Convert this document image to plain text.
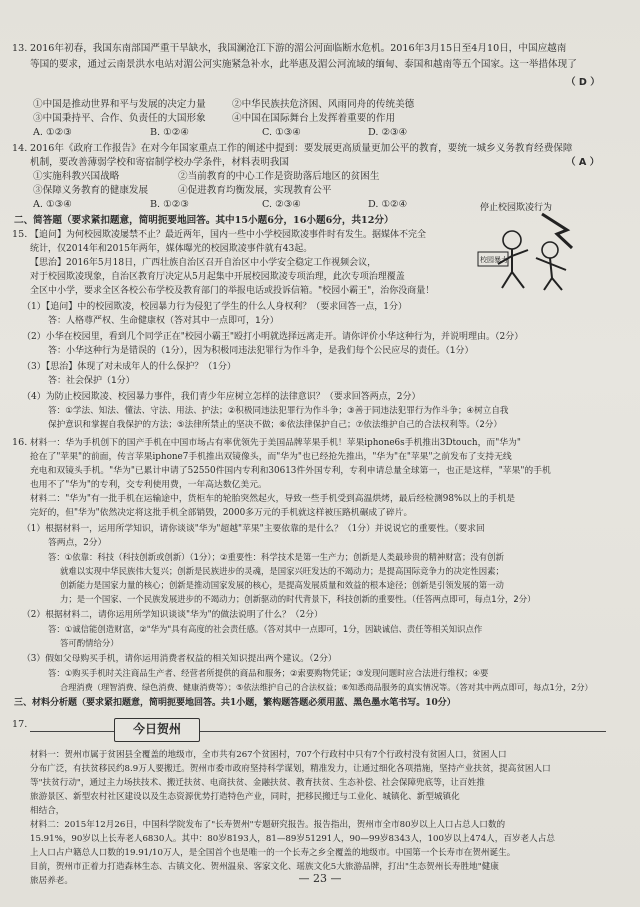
13. 2016年初春，我国东南部国严重干旱缺水，我国澜沧江下游的湄公河面临断水危机。2016年3月15日至4月10日，中国应越南
等国的要求，通过云南景洪水电站对湄公河实施紧急补水，此举惠及湄公河流域的缅甸、泰国和越南等五个国家。这一举措体现了
（ D ）
①中国是推动世界和平与发展的决定力量	②中华民族扶危济困、风雨同舟的传统美德
③中国秉持平、合作、负责任的大国形象	④中国在国际舞台上发挥着重要的作用
A. ①②③	B. ①②④	C. ①③④	D. ②③④
14. 2016年《政府工作报告》在对今年国家重点工作的阐述中提到：要发展更高质量更加公平的教育，要统一城乡义务教育经费保障
机制，要改善薄弱学校和寄宿制学校办学条件，材料表明我国	（ A ）
①实施科教兴国战略	②当前教育的中心工作是资助落后地区的贫困生
③保障义务教育的健康发展	④促进教育均衡发展，实现教育公平
A. ①③④	B. ①②③	C. ②③④	D. ①②④
二、简答题（要求紧扣题意，简明扼要地回答。其中15小题6分，16小题6分，共12分）
15. 【追问】为何校园欺凌屡禁不止？最近两年，国内一些中小学校园欺凌事件时有发生。据媒体不完全
统计，仅2014年和2015年两年，媒体曝光的校园欺凌事件就有43起。
【思治】2016年5月18日，广西壮族自治区召开自治区中小学安全稳定工作视频会议，
对于校园欺凌现象，自治区教育厅决定从5月起集中开展校园欺凌专项治理，此次专项治理覆盖
全区中小学，要求全区各校公布学校及教育部门的举报电话或投诉信箱。"校园小霸王"，治你没商量！
停止校园欺凌行为
校园暴力
（1）【追问】中的校园欺凌，校园暴力行为侵犯了学生的什么人身权利？（要求回答一点，1分）
答：人格尊严权、生命健康权（答对其中一点即可，1分）
（2）小华在校园里，看到几个同学正在"校园小霸王"殴打小明就选择远离走开。请你评价小华这种行为，并说明理由。（2分）
答：小华这种行为是错误的（1分），因为积极同违法犯罪行为作斗争，是我们每个公民应尽的责任。（1分）
（3）【思治】体现了对未成年人的什么保护？（1分）
答：社会保护（1分）
（4）为防止校园欺凌、校园暴力事件，我们青少年应树立怎样的法律意识？（要求回答两点，2分）
答：①学法、知法、懂法、守法、用法、护法；②积极同违法犯罪行为作斗争；③善于同违法犯罪行为作斗争；④树立自我
保护意识和掌握自我保护的方法；⑤法律所禁止的坚决不做；⑥依法律保护自己；⑦依法维护自己的合法权利等。（2分）
16. 材料一：华为手机创下的国产手机在中国市场占有率优领先于美国品牌苹果手机！苹果iphone6s手机推出3Dtouch，而"华为"
抢在了"苹果"的前面，传言苹果iphone7手机推出双镜像头，而"华为"也已经抢先推出，"华为"在"苹果"之前发布了支持无线
充电和双镜头手机。"华为"已累计申请了52550件国内专利和30613件外国专利，专利申请总量全球第一，也正是这样，"苹果"的手机
也用不了"华为"的专利，交专利使用费，一年高达数亿美元。
材料二："华为"有一批手机在运输途中，货柜车的轮胎突然起火，导致一些手机受到高温烘烤，最后经检测98%以上的手机是
完好的，但"华为"依然决定将这批手机全部销毁，2000多万元的手机就这样被压路机碾成了碎片。
（1）根据材料一，运用所学知识，请你谈谈"华为"超越"苹果"主要依靠的是什么？（1分）并说说它的重要性。（要求回
答两点，2分）
答：①依靠：科技（科技创新或创新）（1分）；②重要性：科学技术是第一生产力；创新是人类最珍贵的精神财富；没有创新
就难以实现中华民族伟大复兴；创新是民族进步的灵魂，是国家兴旺发达的不竭动力；是提高国际竞争力的决定性因素；
创新能力是国家力量的核心；创新是推动国家发展的核心，是提高发展质量和效益的根本途径；创新是引领发展的第一动
力；是一个国家、一个民族发展进步的不竭动力；创新驱动的时代背景下，科技创新的重要性。（任答两点即可，每点1分，2分）
（2）根据材料二，请你运用所学知识谈谈"华为"的做法说明了什么？（2分）
答：①诚信能创造财富，②"华为"具有高度的社会责任感。（答对其中一点即可，1分，因缺诚信、责任等相关知识点作
答可酌情给分）
（3）假如父母购买手机，请你运用消费者权益的相关知识提出两个建议。（2分）
答：①购买手机时关注商品生产者、经营者所提供的商品和服务；②索要购物凭证；③发现问题时应合法进行维权；④要
合理消费（理智消费、绿色消费、健康消费等）；⑤依法维护自己的合法权益；⑥知悉商品服务的真实情况等。（答对其中两点即可，每点1分，2分）
三、材料分析题（要求紧扣题意，简明扼要地回答。共1小题，繁构题答题必须用蓝、黑色墨水笔书写。10分）
17.	今日贺州
材料一：贺州市属于贫困县全覆盖的地级市，全市共有267个贫困村，707个行政村中只有7个行政村没有贫困人口，贫困人口
分布广泛，有扶贫移民约8.9万人要搬迁。贺州市委市政府坚持科学谋划，精准发力，让通过细化各项措施，坚持产业扶贫，提高贫困人口
等"扶贫行动"，通过主力场扶技术、搬迁扶贫、电商扶贫、金融扶贫、教育扶贫、生态补偿、社会保障兜底等，让百姓推
旅游景区、新型农村社区建设以及生态资源优势打造特色产业，同时，把移民搬迁与工业化、城镇化、新型城镇化
相结合，
材料二：2015年12月26日，中国科学院发布了"长寿贺州"专题研究报告。报告指出，贺州市全市80岁以上人口占总人口数的
15.91%，90岁以上长寿老人6830人。其中：80岁8193人，81—89岁51291人，90—99岁8343人，100岁以上474人，百岁老人占总
上人口占户籍总人口数的19.91/10万人，是全国首个也是唯一的一个长寿之乡全覆盖的地级市。中国第一个长寿市在贺州诞生。
目前，贺州市正着力打造森林生态、古镇文化、贺州温泉、客家文化、瑶族文化5大旅游品牌，打出"生态贺州长寿胜地"健康
旅居养老。	— 23 —
